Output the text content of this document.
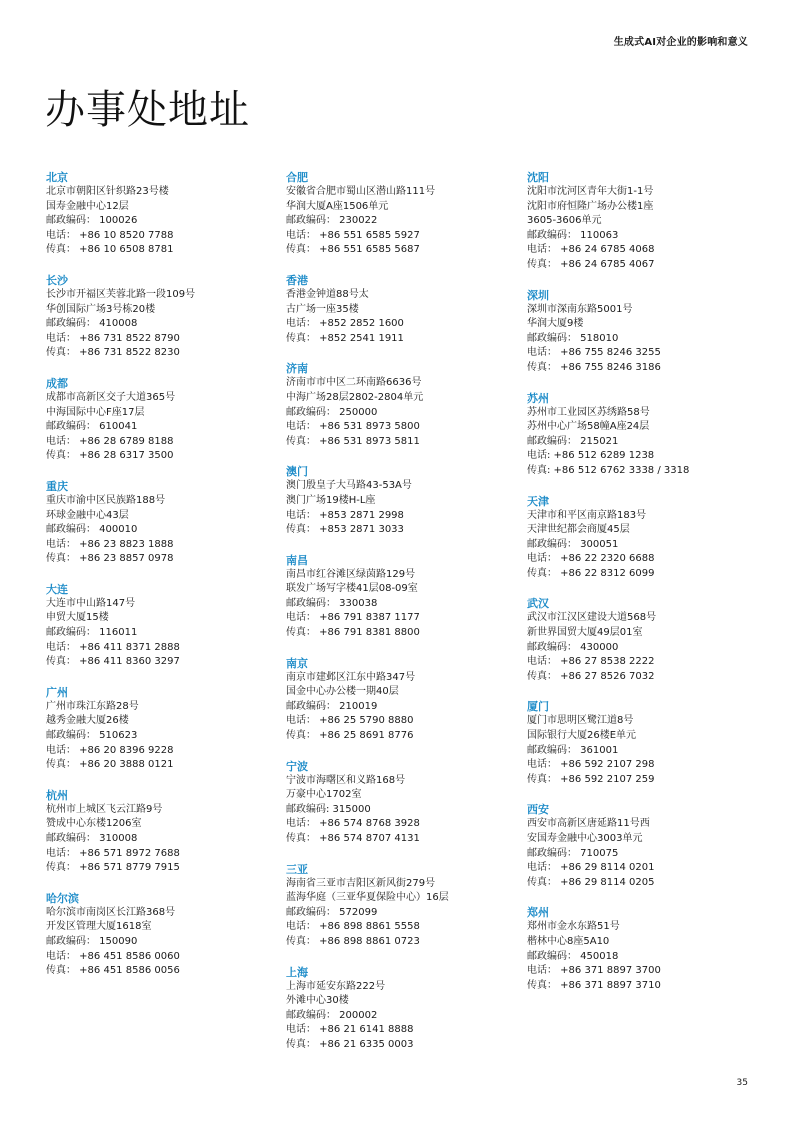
生成式AI对企业的影响和意义
办事处地址
北京
北京市朝阳区针织路23号楼
国寿金融中心12层
邮政编码： 100026
电话： +86 10 8520 7788
传真： +86 10 6508 8781
长沙
长沙市开福区芙蓉北路一段109号
华创国际广场3号栋20楼
邮政编码： 410008
电话： +86 731 8522 8790
传真： +86 731 8522 8230
成都
成都市高新区交子大道365号
中海国际中心F座17层
邮政编码： 610041
电话： +86 28 6789 8188
传真： +86 28 6317 3500
重庆
重庆市渝中区民族路188号
环球金融中心43层
邮政编码： 400010
电话： +86 23 8823 1888
传真： +86 23 8857 0978
大连
大连市中山路147号
申贸大厦15楼
邮政编码： 116011
电话： +86 411 8371 2888
传真： +86 411 8360 3297
广州
广州市珠江东路28号
越秀金融大厦26楼
邮政编码： 510623
电话： +86 20 8396 9228
传真： +86 20 3888 0121
杭州
杭州市上城区飞云江路9号
赞成中心东楼1206室
邮政编码： 310008
电话： +86 571 8972 7688
传真： +86 571 8779 7915
哈尔滨
哈尔滨市南岗区长江路368号
开发区管理大厦1618室
邮政编码： 150090
电话： +86 451 8586 0060
传真： +86 451 8586 0056
合肥
安徽省合肥市蜀山区潜山路111号
华润大厦A座1506单元
邮政编码： 230022
电话： +86 551 6585 5927
传真： +86 551 6585 5687
香港
香港金钟道88号太
古广场一座35楼
电话： +852 2852 1600
传真： +852 2541 1911
济南
济南市市中区二环南路6636号
中海广场28层2802-2804单元
邮政编码： 250000
电话： +86 531 8973 5800
传真： +86 531 8973 5811
澳门
澳门殷皇子大马路43-53A号
澳门广场19楼H-L座
电话： +853 2871 2998
传真： +853 2871 3033
南昌
南昌市红谷滩区绿茵路129号
联发广场写字楼41层08-09室
邮政编码： 330038
电话： +86 791 8387 1177
传真： +86 791 8381 8800
南京
南京市建邺区江东中路347号
国金中心办公楼一期40层
邮政编码： 210019
电话： +86 25 5790 8880
传真： +86 25 8691 8776
宁波
宁波市海曙区和义路168号
万豪中心1702室
邮政编码: 315000
电话： +86 574 8768 3928
传真： +86 574 8707 4131
三亚
海南省三亚市吉阳区新风街279号
蓝海华庭（三亚华夏保险中心）16层
邮政编码： 572099
电话： +86 898 8861 5558
传真： +86 898 8861 0723
上海
上海市延安东路222号
外滩中心30楼
邮政编码： 200002
电话： +86 21 6141 8888
传真： +86 21 6335 0003
沈阳
沈阳市沈河区青年大街1-1号
沈阳市府恒隆广场办公楼1座
3605-3606单元
邮政编码： 110063
电话： +86 24 6785 4068
传真： +86 24 6785 4067
深圳
深圳市深南东路5001号
华润大厦9楼
邮政编码： 518010
电话： +86 755 8246 3255
传真： +86 755 8246 3186
苏州
苏州市工业园区苏绣路58号
苏州中心广场58幢A座24层
邮政编码： 215021
电话: +86 512 6289 1238
传真: +86 512 6762 3338 / 3318
天津
天津市和平区南京路183号
天津世纪都会商厦45层
邮政编码： 300051
电话： +86 22 2320 6688
传真： +86 22 8312 6099
武汉
武汉市江汉区建设大道568号
新世界国贸大厦49层01室
邮政编码： 430000
电话： +86 27 8538 2222
传真： +86 27 8526 7032
厦门
厦门市思明区鹭江道8号
国际银行大厦26楼E单元
邮政编码： 361001
电话： +86 592 2107 298
传真： +86 592 2107 259
西安
西安市高新区唐延路11号西
安国寿金融中心3003单元
邮政编码： 710075
电话： +86 29 8114 0201
传真： +86 29 8114 0205
郑州
郑州市金水东路51号
楷林中心8座5A10
邮政编码： 450018
电话： +86 371 8897 3700
传真： +86 371 8897 3710
35
